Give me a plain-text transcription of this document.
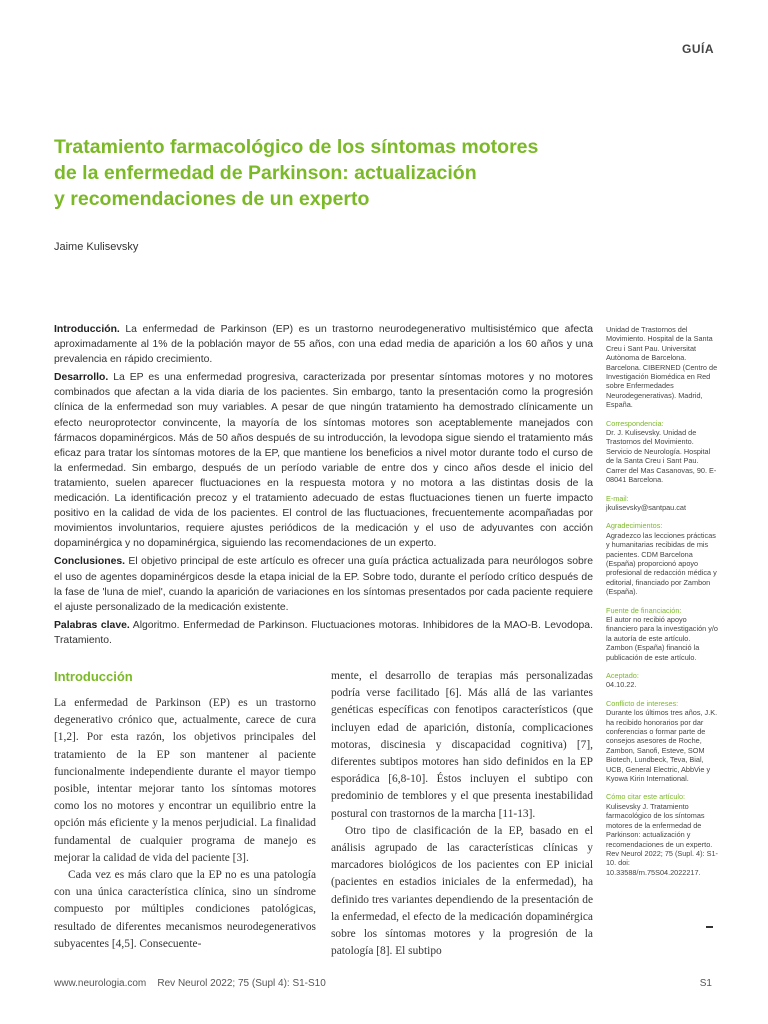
GUÍA
Tratamiento farmacológico de los síntomas motores
de la enfermedad de Parkinson: actualización
y recomendaciones de un experto
Jaime Kulisevsky

Introducción. La enfermedad de Parkinson (EP) es un trastorno neurodegenerativo multisistémico que afecta aproximadamente al 1% de la población mayor de 55 años, con una edad media de aparición a los 60 años y una prevalencia en rápido crecimiento.

Desarrollo. La EP es una enfermedad progresiva, caracterizada por presentar síntomas motores y no motores combinados que afectan a la vida diaria de los pacientes. Sin embargo, tanto la presentación como la progresión clínica de la enfermedad son muy variables. A pesar de que ningún tratamiento ha demostrado clínicamente un efecto neuroprotector convincente, la mayoría de los síntomas motores son aceptablemente manejados con fármacos dopaminérgicos. Más de 50 años después de su introducción, la levodopa sigue siendo el tratamiento más eficaz para tratar los síntomas motores de la EP, que mantiene los beneficios a nivel motor durante todo el curso de la enfermedad. Sin embargo, después de un período variable de entre dos y cinco años desde el inicio del tratamiento, suelen aparecer fluctuaciones en la respuesta motora y no motora a las distintas dosis de la medicación. La identificación precoz y el tratamiento adecuado de estas fluctuaciones tienen un fuerte impacto positivo en la calidad de vida de los pacientes. El control de las fluctuaciones, frecuentemente acompañadas por movimientos involuntarios, requiere ajustes periódicos de la medicación y el uso de adyuvantes con acción dopaminérgica y no dopaminérgica, siguiendo las recomendaciones de un experto.

Conclusiones. El objetivo principal de este artículo es ofrecer una guía práctica actualizada para neurólogos sobre el uso de agentes dopaminérgicos desde la etapa inicial de la EP. Sobre todo, durante el período crítico después de la fase de 'luna de miel', cuando la aparición de variaciones en los síntomas presentados por cada paciente requiere el ajuste personalizado de la medicación existente.

Palabras clave. Algoritmo. Enfermedad de Parkinson. Fluctuaciones motoras. Inhibidores de la MAO-B. Levodopa. Tratamiento.

Unidad de Trastornos del Movimiento. Hospital de la Santa Creu i Sant Pau. Universitat Autònoma de Barcelona. Barcelona. CIBERNED (Centro de Investigación Biomédica en Red sobre Enfermedades Neurodegenerativas). Madrid, España.
Correspondencia:
Dr. J. Kulisevsky. Unidad de Trastornos del Movimiento. Servicio de Neurología. Hospital de la Santa Creu i Sant Pau. Carrer del Mas Casanovas, 90. E-08041 Barcelona.
E-mail:
jkulisevsky@santpau.cat
Agradecimientos:
Agradezco las lecciones prácticas y humanitarias recibidas de mis pacientes. CDM Barcelona (España) proporcionó apoyo profesional de redacción médica y editorial, financiado por Zambon (España).
Fuente de financiación:
El autor no recibió apoyo financiero para la investigación y/o la autoría de este artículo. Zambon (España) financió la publicación de este artículo.
Aceptado:
04.10.22.
Conflicto de intereses:
Durante los últimos tres años, J.K. ha recibido honorarios por dar conferencias o formar parte de consejos asesores de Roche, Zambon, Sanofi, Esteve, SOM Biotech, Lundbeck, Teva, Bial, UCB, General Electric, AbbVie y Kyowa Kirin International.
Cómo citar este artículo:
Kulisevsky J. Tratamiento farmacológico de los síntomas motores de la enfermedad de Parkinson: actualización y recomendaciones de un experto. Rev Neurol 2022; 75 (Supl. 4): S1-10. doi: 10.33588/rn.75S04.2022217.
Introducción

La enfermedad de Parkinson (EP) es un trastorno degenerativo crónico que, actualmente, carece de cura [1,2]. Por esta razón, los objetivos principales del tratamiento de la EP son mantener al paciente funcionalmente independiente durante el mayor tiempo posible, intentar mejorar tanto los síntomas motores como los no motores y encontrar un equilibrio entre la opción más eficiente y la menos perjudicial. La finalidad fundamental de cualquier programa de manejo es mejorar la calidad de vida del paciente [3].

Cada vez es más claro que la EP no es una patología con una única característica clínica, sino un síndrome compuesto por múltiples condiciones patológicas, resultado de diferentes mecanismos neurodegenerativos subyacentes [4,5]. Consecuente-

mente, el desarrollo de terapias más personalizadas podría verse facilitado [6]. Más allá de las variantes genéticas específicas con fenotipos característicos (que incluyen edad de aparición, distonía, complicaciones motoras, discinesia y discapacidad cognitiva) [7], diferentes subtipos motores han sido definidos en la EP esporádica [6,8-10]. Éstos incluyen el subtipo con predominio de temblores y el que presenta inestabilidad postural con trastornos de la marcha [11-13].

Otro tipo de clasificación de la EP, basado en el análisis agrupado de las características clínicas y marcadores biológicos de los pacientes con EP inicial (pacientes en estadios iniciales de la enfermedad), ha definido tres variantes dependiendo de la presentación de la enfermedad, el efecto de la medicación dopaminérgica sobre los síntomas motores y la progresión de la patología [8]. El subtipo

www.neurologia.com    Rev Neurol 2022; 75 (Supl 4): S1-S10	S1
